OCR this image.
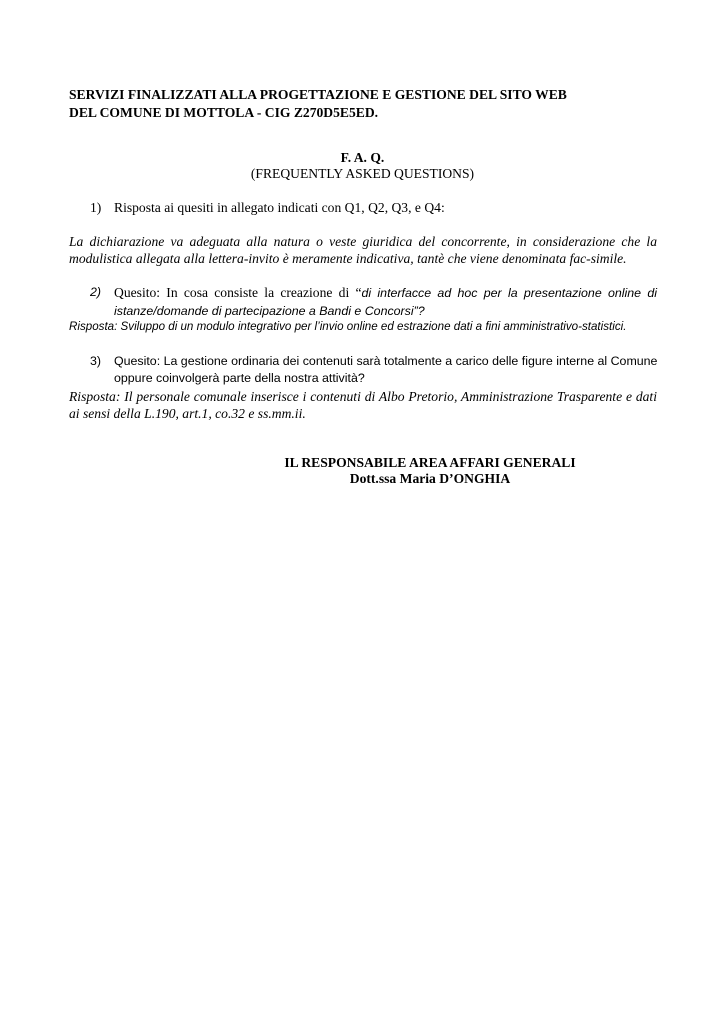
SERVIZI FINALIZZATI ALLA PROGETTAZIONE E GESTIONE DEL SITO WEB
DEL COMUNE DI MOTTOLA - CIG Z270D5E5ED.
F. A. Q.
(FREQUENTLY ASKED QUESTIONS)
1) Risposta ai quesiti in allegato indicati con Q1, Q2, Q3, e Q4:
La dichiarazione va adeguata alla natura o veste giuridica del concorrente, in considerazione che la modulistica allegata alla lettera-invito è meramente indicativa, tantè che viene denominata fac-simile.
2) Quesito: In cosa consiste la creazione di “di interfacce ad hoc per la presentazione online di istanze/domande di partecipazione a Bandi e Concorsi”?
Risposta: Sviluppo di un modulo integrativo per l’invio online ed estrazione dati a fini amministrativo-statistici.
3)	Quesito: La gestione ordinaria dei contenuti sarà totalmente a carico delle figure interne al Comune oppure coinvolgerà parte della nostra attività?
Risposta: Il personale comunale inserisce i contenuti di Albo Pretorio, Amministrazione Trasparente e dati ai sensi della L.190, art.1, co.32 e ss.mm.ii.
IL RESPONSABILE AREA AFFARI GENERALI
Dott.ssa Maria D’ONGHIA
